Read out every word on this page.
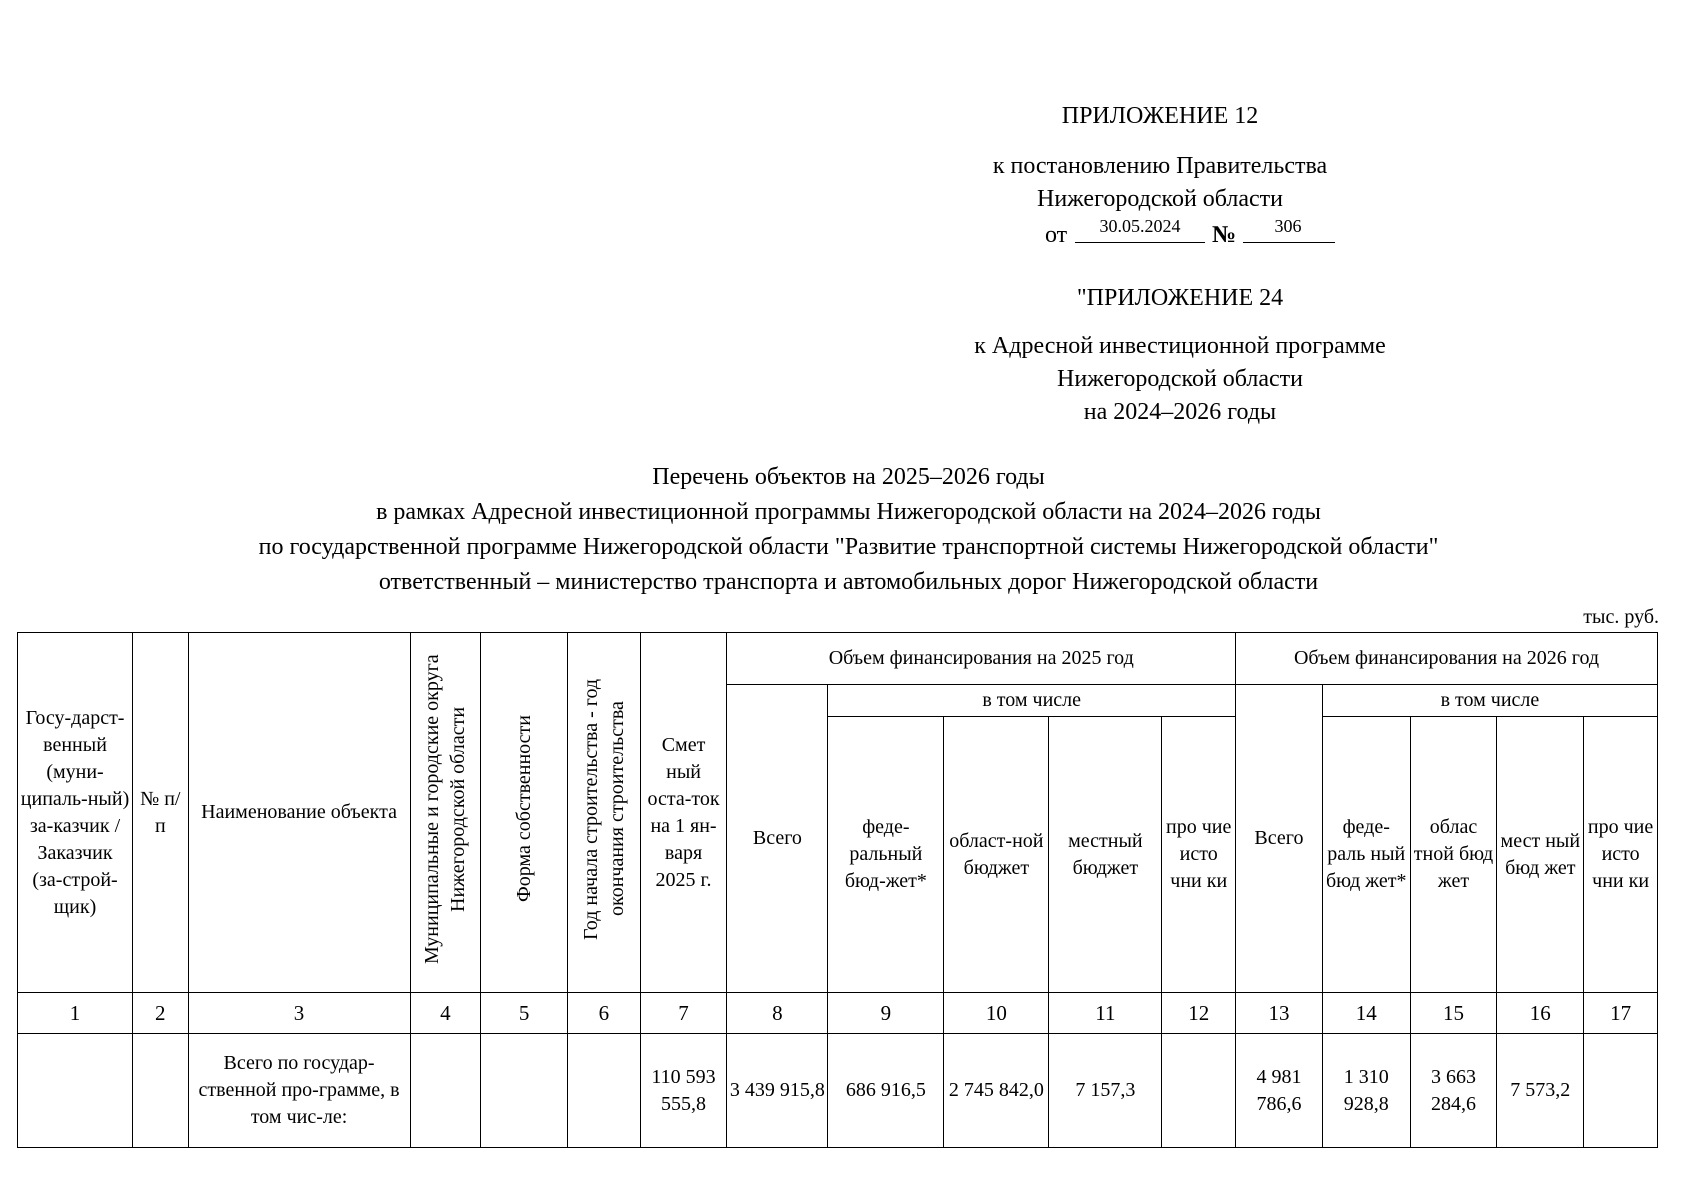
ПРИЛОЖЕНИЕ 12
к постановлению Правительства
Нижегородской области
от	30.05.2024	№	306
"ПРИЛОЖЕНИЕ 24
к Адресной инвестиционной программе
Нижегородской области
на 2024–2026 годы
Перечень объектов на 2025–2026 годы
в рамках Адресной инвестиционной программы Нижегородской области на 2024–2026 годы
по государственной программе Нижегородской области "Развитие транспортной системы Нижегородской области"
ответственный – министерство транспорта и автомобильных дорог Нижегородской области
тыс. руб.
Госу-дарст-венный (муни-ципаль-ный) за-казчик / Заказчик (за-строй-щик)	№ п/п	Наименование объекта	Муниципальные и городские округа Нижегородской области	Форма собственности	Год начала строительства - год окончания строительства	Смет ный оста-ток на 1 ян-варя 2025 г.	Объем финансирования на 2025 год					Объем финансирования на 2026 год				
							Всего	в том числе				Всего	в том числе			
								феде-ральный бюд-жет*	област-ной бюджет	местный бюджет	про чие исто чни ки		феде-раль ный бюд жет*	облас тной бюд жет	мест ный бюд жет	про чие исто чни ки
1	2	3	4	5	6	7	8	9	10	11	12	13	14	15	16	17
		Всего по государ-ственной про-грамме, в том чис-ле:				110 593 555,8	3 439 915,8	686 916,5	2 745 842,0	7 157,3		4 981 786,6	1 310 928,8	3 663 284,6	7 573,2	
